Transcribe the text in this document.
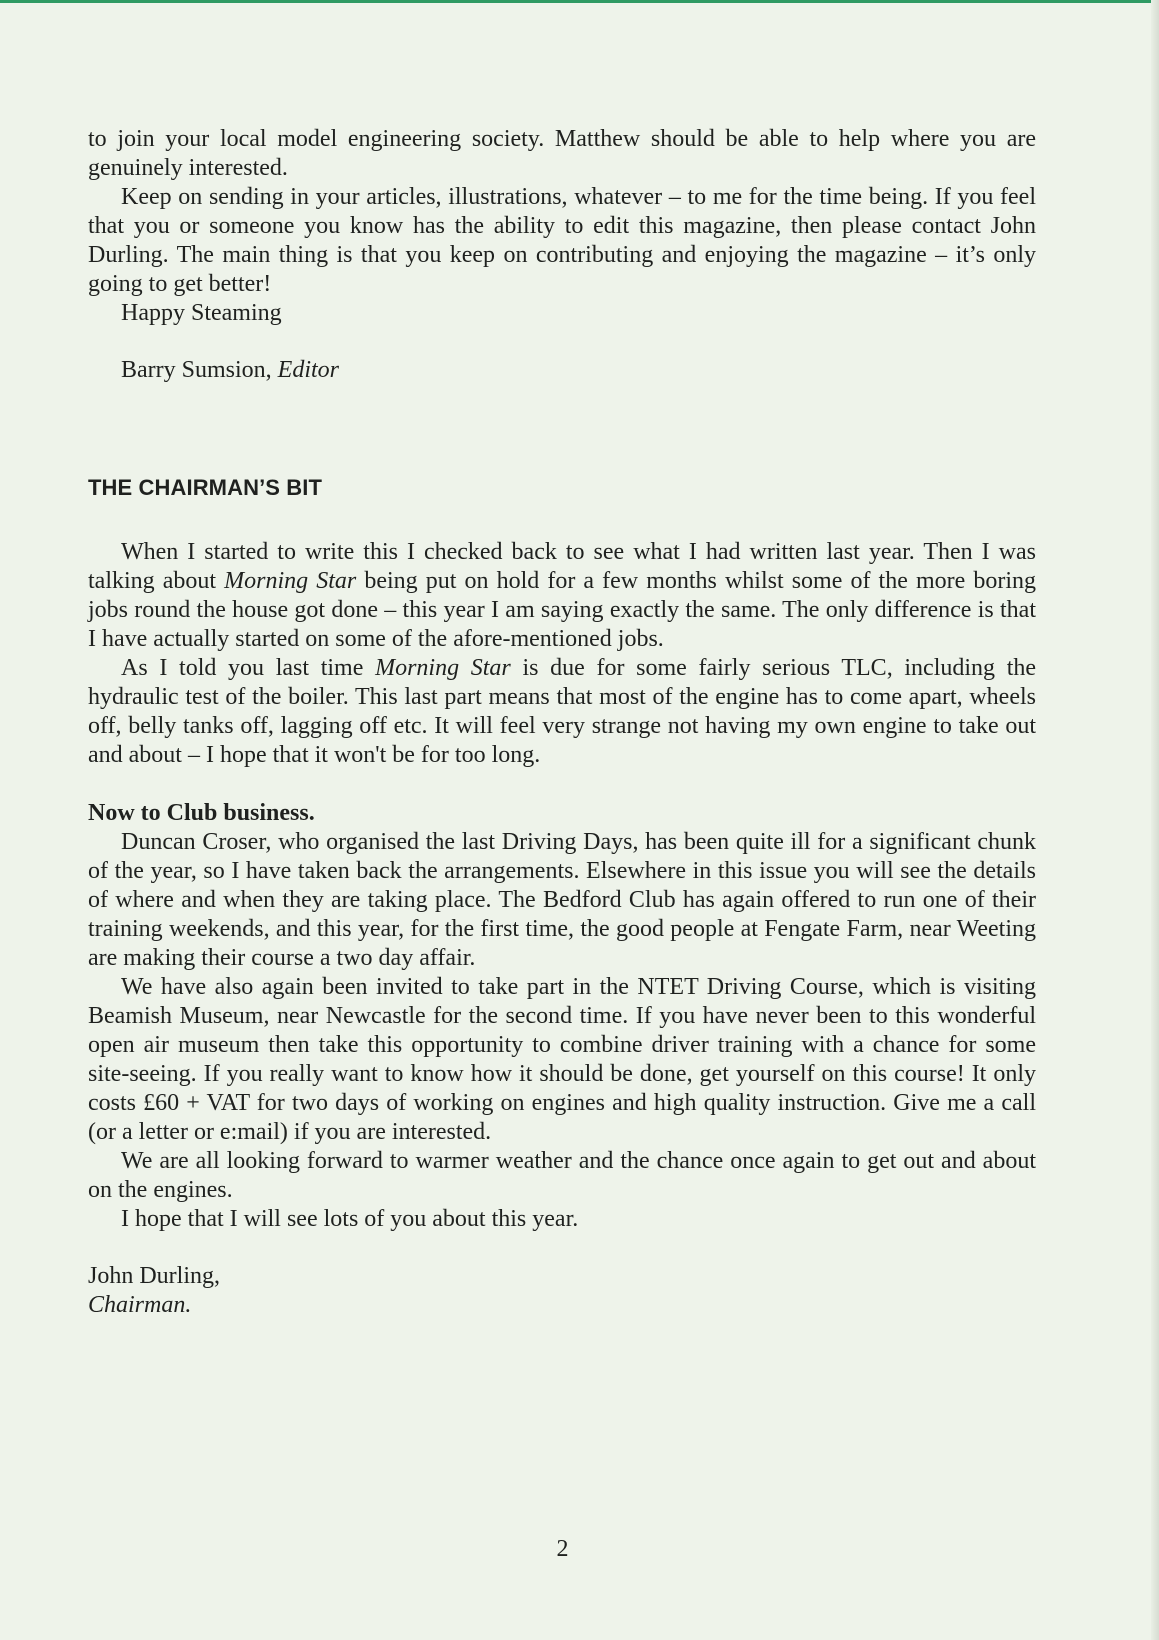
to join your local model engineering society. Matthew should be able to help where you are genuinely interested.

Keep on sending in your articles, illustrations, whatever – to me for the time being. If you feel that you or someone you know has the ability to edit this magazine, then please contact John Durling. The main thing is that you keep on contributing and enjoying the magazine – it’s only going to get better!

Happy Steaming

Barry Sumsion, Editor

THE CHAIRMAN’S BIT

When I started to write this I checked back to see what I had written last year. Then I was talking about Morning Star being put on hold for a few months whilst some of the more boring jobs round the house got done – this year I am saying exactly the same. The only difference is that I have actually started on some of the afore-mentioned jobs.

As I told you last time Morning Star is due for some fairly serious TLC, including the hydraulic test of the boiler. This last part means that most of the engine has to come apart, wheels off, belly tanks off, lagging off etc. It will feel very strange not having my own engine to take out and about – I hope that it won't be for too long.

Now to Club business.

Duncan Croser, who organised the last Driving Days, has been quite ill for a significant chunk of the year, so I have taken back the arrangements. Elsewhere in this issue you will see the details of where and when they are taking place. The Bedford Club has again offered to run one of their training weekends, and this year, for the first time, the good people at Fengate Farm, near Weeting are making their course a two day affair.

We have also again been invited to take part in the NTET Driving Course, which is visiting Beamish Museum, near Newcastle for the second time. If you have never been to this wonderful open air museum then take this opportunity to combine driver training with a chance for some site-seeing. If you really want to know how it should be done, get yourself on this course! It only costs £60 + VAT for two days of working on engines and high quality instruction. Give me a call (or a letter or e:mail) if you are interested.

We are all looking forward to warmer weather and the chance once again to get out and about on the engines.

I hope that I will see lots of you about this year.

John Durling,

Chairman.

2
